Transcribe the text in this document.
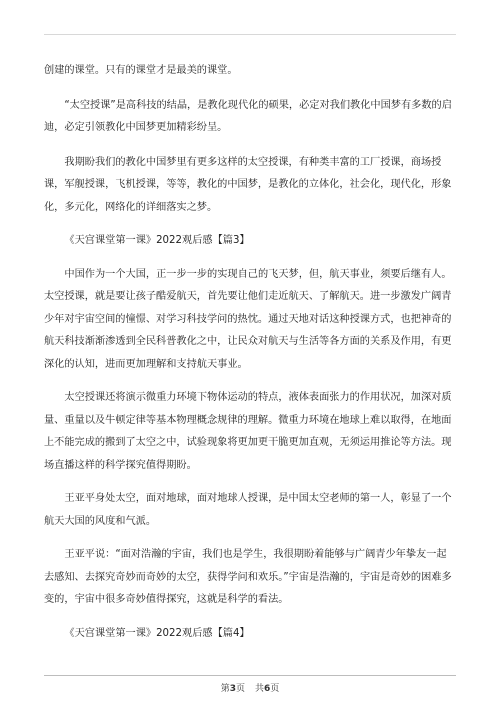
创建的课堂。只有的课堂才是最美的课堂。

“太空授课”是高科技的结晶，是教化现代化的硕果，必定对我们教化中国梦有多数的启迪，必定引领教化中国梦更加精彩纷呈。

我期盼我们的教化中国梦里有更多这样的太空授课，有种类丰富的工厂授课，商场授课，军舰授课，飞机授课，等等，教化的中国梦，是教化的立体化，社会化，现代化，形象化，多元化，网络化的详细落实之梦。

《天宫课堂第一课》2022观后感【篇3】

中国作为一个大国，正一步一步的实现自己的飞天梦，但，航天事业，须要后继有人。太空授课，就是要让孩子酷爱航天，首先要让他们走近航天、了解航天。进一步激发广阔青少年对宇宙空间的憧憬、对学习科技学问的热忱。通过天地对话这种授课方式，也把神奇的航天科技渐渐渗透到全民科普教化之中，让民众对航天与生活等各方面的关系及作用，有更深化的认知，进而更加理解和支持航天事业。

太空授课还将演示微重力环境下物体运动的特点，液体表面张力的作用状况，加深对质量、重量以及牛顿定律等基本物理概念规律的理解。微重力环境在地球上难以取得，在地面上不能完成的搬到了太空之中，试验现象将更加更干脆更加直观，无须运用推论等方法。现场直播这样的科学探究值得期盼。

王亚平身处太空，面对地球，面对地球人授课，是中国太空老师的第一人，彰显了一个航天大国的风度和气派。

王亚平说：“面对浩瀚的宇宙，我们也是学生，我很期盼着能够与广阔青少年挚友一起去感知、去探究奇妙而奇妙的太空，获得学问和欢乐。”宇宙是浩瀚的，宇宙是奇妙的困难多变的，宇宙中很多奇妙值得探究，这就是科学的看法。

《天宫课堂第一课》2022观后感【篇4】

第3页 共6页
